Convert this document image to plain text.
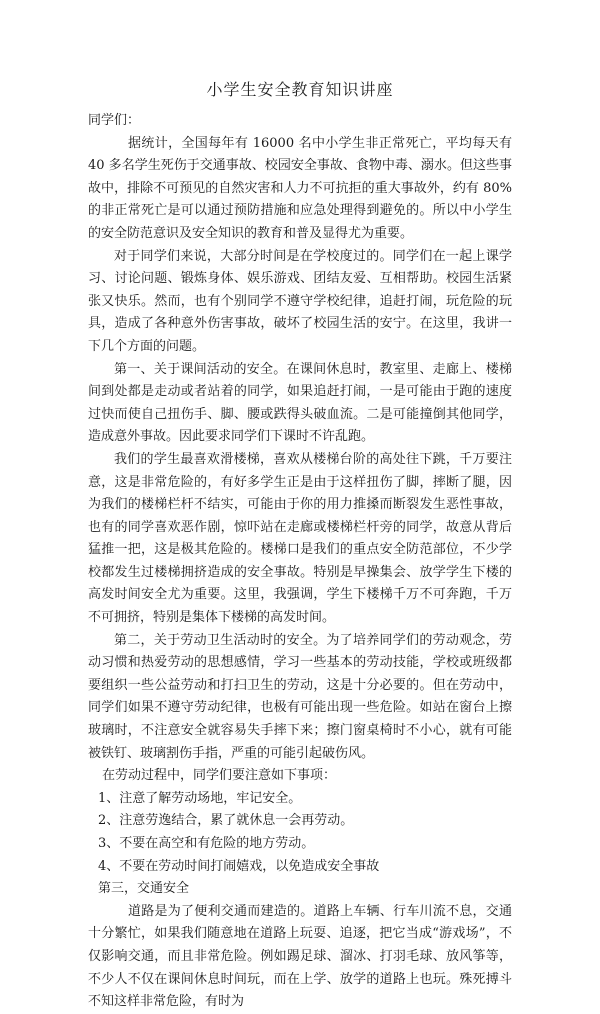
小学生安全教育知识讲座

同学们：

据统计，全国每年有 16000 名中小学生非正常死亡，平均每天有 40 多名学生死伤于交通事故、校园安全事故、食物中毒、溺水。但这些事故中，排除不可预见的自然灾害和人力不可抗拒的重大事故外，约有 80%的非正常死亡是可以通过预防措施和应急处理得到避免的。所以中小学生的安全防范意识及安全知识的教育和普及显得尤为重要。

对于同学们来说，大部分时间是在学校度过的。同学们在一起上课学习、讨论问题、锻炼身体、娱乐游戏、团结友爱、互相帮助。校园生活紧张又快乐。然而，也有个别同学不遵守学校纪律，追赶打闹，玩危险的玩具，造成了各种意外伤害事故，破坏了校园生活的安宁。在这里，我讲一下几个方面的问题。

第一、关于课间活动的安全。在课间休息时，教室里、走廊上、楼梯间到处都是走动或者站着的同学，如果追赶打闹，一是可能由于跑的速度过快而使自己扭伤手、脚、腰或跌得头破血流。二是可能撞倒其他同学，造成意外事故。因此要求同学们下课时不许乱跑。

我们的学生最喜欢滑楼梯，喜欢从楼梯台阶的高处往下跳，千万要注意，这是非常危险的，有好多学生正是由于这样扭伤了脚，摔断了腿，因为我们的楼梯栏杆不结实，可能由于你的用力推搡而断裂发生恶性事故，也有的同学喜欢恶作剧，惊吓站在走廊或楼梯栏杆旁的同学，故意从背后猛推一把，这是极其危险的。楼梯口是我们的重点安全防范部位，不少学校都发生过楼梯拥挤造成的安全事故。特别是早操集会、放学学生下楼的高发时间安全尤为重要。这里，我强调，学生下楼梯千万不可奔跑，千万不可拥挤，特别是集体下楼梯的高发时间。

第二，关于劳动卫生活动时的安全。为了培养同学们的劳动观念，劳动习惯和热爱劳动的思想感情，学习一些基本的劳动技能，学校或班级都要组织一些公益劳动和打扫卫生的劳动，这是十分必要的。但在劳动中，同学们如果不遵守劳动纪律，也极有可能出现一些危险。如站在窗台上擦玻璃时，不注意安全就容易失手摔下来；擦门窗桌椅时不小心，就有可能被铁钉、玻璃割伤手指，严重的可能引起破伤风。

在劳动过程中，同学们要注意如下事项：

1、注意了解劳动场地，牢记安全。
2、注意劳逸结合，累了就休息一会再劳动。
3、不要在高空和有危险的地方劳动。
4、不要在劳动时间打闹嬉戏，以免造成安全事故

第三，交通安全

道路是为了便利交通而建造的。道路上车辆、行车川流不息，交通十分繁忙，如果我们随意地在道路上玩耍、追逐，把它当成“游戏场”，不仅影响交通，而且非常危险。例如踢足球、溜冰、打羽毛球、放风筝等，不少人不仅在课间休息时间玩，而在上学、放学的道路上也玩。殊死搏斗不知这样非常危险，有时为
